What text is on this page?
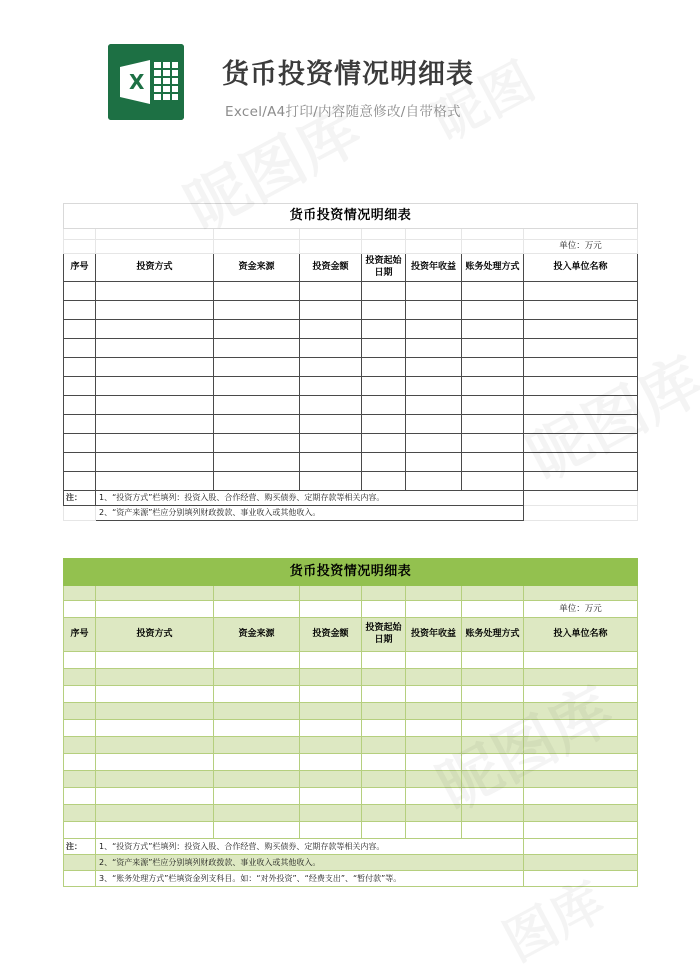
X	货币投资情况明细表
Excel/A4打印/内容随意修改/自带格式
货币投资情况明细表							

							单位：万元
序号	投资方式	资金来源	投资金额	投资起始日期	投资年收益	账务处理方式	投入单位名称

注：	1、“投资方式”栏填列：投资入股、合作经营、购买债券、定期存款等相关内容。						
	2、“资产来源”栏应分别填列财政拨款、事业收入或其他收入。						
货币投资情况明细表							

							单位：万元
序号	投资方式	资金来源	投资金额	投资起始日期	投资年收益	账务处理方式	投入单位名称

注：	1、“投资方式”栏填列：投资入股、合作经营、购买债券、定期存款等相关内容。						
	2、“资产来源”栏应分别填列财政拨款、事业收入或其他收入。						
	3、“账务处理方式”栏填资金列支科目。如：“对外投资”、“经费支出”、“暂付款”等。						
